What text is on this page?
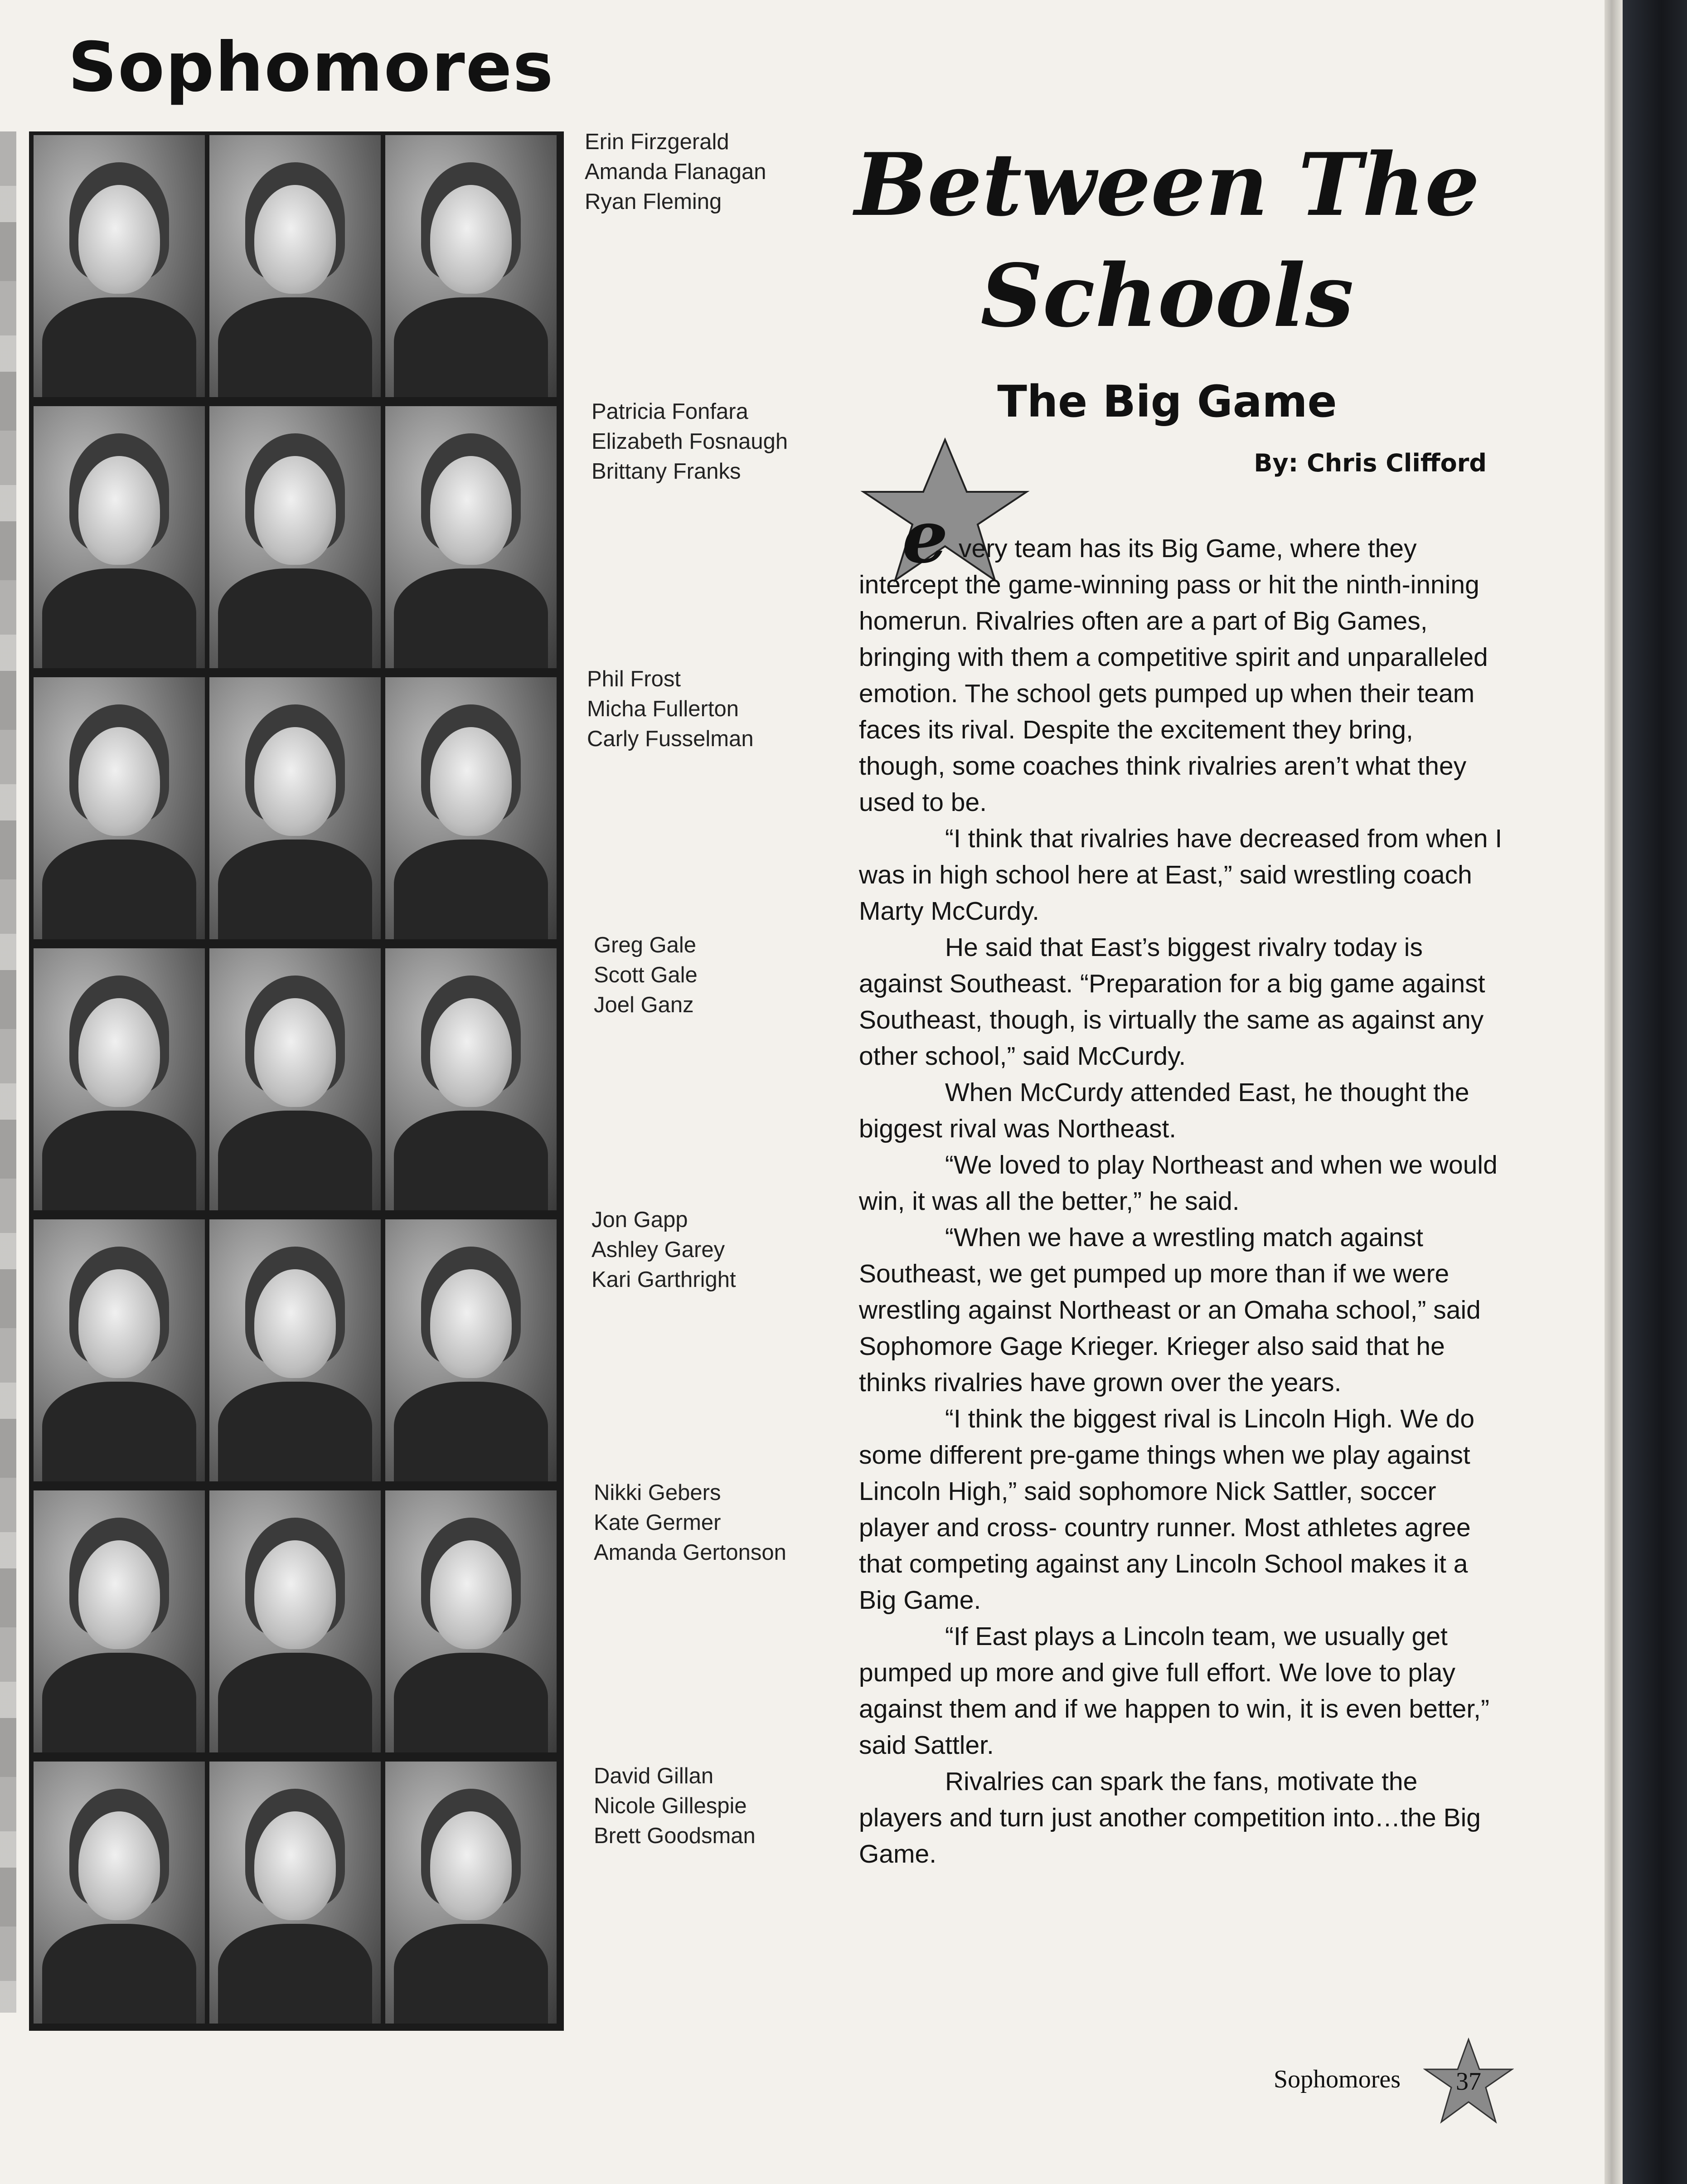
Sophomores
Erin Firzgerald
Amanda Flanagan
Ryan Fleming
Patricia Fonfara
Elizabeth Fosnaugh
Brittany Franks
Phil Frost
Micha Fullerton
Carly Fusselman
Greg Gale
Scott Gale
Joel Ganz
Jon Gapp
Ashley Garey
Kari Garthright
Nikki Gebers
Kate Germer
Amanda Gertonson
David Gillan
Nicole Gillespie
Brett Goodsman
Between The
Schools
The Big Game
By: Chris Clifford
e very team has its Big Game, where they intercept the game-winning pass or hit the ninth-inning homerun. Rivalries often are a part of Big Games, bringing with them a competitive spirit and unparalleled emotion. The school gets pumped up when their team faces its rival. Despite the excitement they bring, though, some coaches think rivalries aren’t what they used to be.

“I think that rivalries have decreased from when I was in high school here at East,” said wrestling coach Marty McCurdy.

He said that East’s biggest rivalry today is against Southeast. “Preparation for a big game against Southeast, though, is virtually the same as against any other school,” said McCurdy.

When McCurdy attended East, he thought the biggest rival was Northeast.

“We loved to play Northeast and when we would win, it was all the better,” he said.

“When we have a wrestling match against Southeast, we get pumped up more than if we were wrestling against Northeast or an Omaha school,” said Sophomore Gage Krieger. Krieger also said that he thinks rivalries have grown over the years.

“I think the biggest rival is Lincoln High. We do some different pre-game things when we play against Lincoln High,” said sophomore Nick Sattler, soccer player and cross- country runner. Most athletes agree that competing against any Lincoln School makes it a Big Game.

“If East plays a Lincoln team, we usually get pumped up more and give full effort. We love to play against them and if we happen to win, it is even better,” said Sattler.

Rivalries can spark the fans, motivate the players and turn just another competition into…the Big Game.

Sophomores	37
